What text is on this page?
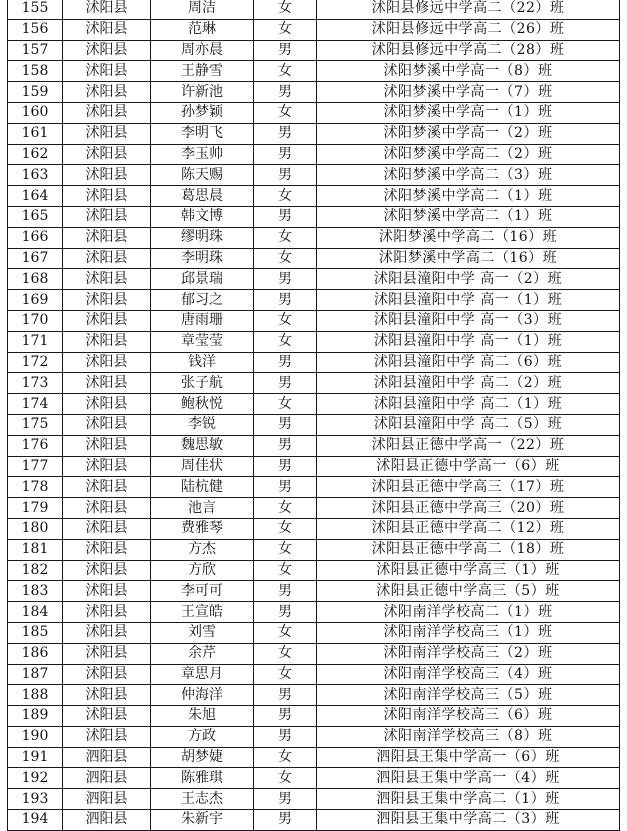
155	沭阳县	周洁	女	沭阳县修远中学高二（22）班
156	沭阳县	范琳	女	沭阳县修远中学高二（26）班
157	沭阳县	周亦晨	男	沭阳县修远中学高二（28）班
158	沭阳县	王静雪	女	沭阳梦溪中学高一（8）班
159	沭阳县	许新池	男	沭阳梦溪中学高一（7）班
160	沭阳县	孙梦颖	女	沭阳梦溪中学高一（1）班
161	沭阳县	李明飞	男	沭阳梦溪中学高一（2）班
162	沭阳县	李玉帅	男	沭阳梦溪中学高二（2）班
163	沭阳县	陈天赐	男	沭阳梦溪中学高二（3）班
164	沭阳县	葛思晨	女	沭阳梦溪中学高二（1）班
165	沭阳县	韩文博	男	沭阳梦溪中学高二（1）班
166	沭阳县	缪明珠	女	沭阳梦溪中学高二（16）班
167	沭阳县	李明珠	女	沭阳梦溪中学高二（16）班
168	沭阳县	邱景瑞	男	沭阳县潼阳中学 高一（2）班
169	沭阳县	郁习之	男	沭阳县潼阳中学 高一（1）班
170	沭阳县	唐雨珊	女	沭阳县潼阳中学 高一（3）班
171	沭阳县	章莹莹	女	沭阳县潼阳中学 高一（1）班
172	沭阳县	钱洋	男	沭阳县潼阳中学 高二（6）班
173	沭阳县	张子航	男	沭阳县潼阳中学 高二（2）班
174	沭阳县	鲍秋悦	女	沭阳县潼阳中学 高二（1）班
175	沭阳县	李锐	男	沭阳县潼阳中学 高二（5）班
176	沭阳县	魏思敏	男	沭阳县正德中学高一（22）班
177	沭阳县	周佳状	男	沭阳县正德中学高一（6）班
178	沭阳县	陆杭健	男	沭阳县正德中学高三（17）班
179	沭阳县	池言	女	沭阳县正德中学高三（20）班
180	沭阳县	费雅琴	女	沭阳县正德中学高二（12）班
181	沭阳县	方杰	女	沭阳县正德中学高二（18）班
182	沭阳县	方欣	女	沭阳县正德中学高三（1）班
183	沭阳县	李可可	男	沭阳县正德中学高三（5）班
184	沭阳县	王宣皓	男	沭阳南洋学校高二（1）班
185	沭阳县	刘雪	女	沭阳南洋学校高三（1）班
186	沭阳县	余芹	女	沭阳南洋学校高三（2）班
187	沭阳县	章思月	女	沭阳南洋学校高三（4）班
188	沭阳县	仲海洋	男	沭阳南洋学校高三（5）班
189	沭阳县	朱旭	男	沭阳南洋学校高三（6）班
190	沭阳县	方政	男	沭阳南洋学校高三（8）班
191	泗阳县	胡梦婕	女	泗阳县王集中学高一（6）班
192	泗阳县	陈雅琪	女	泗阳县王集中学高一（4）班
193	泗阳县	王志杰	男	泗阳县王集中学高二（1）班
194	泗阳县	朱新宇	男	泗阳县王集中学高二（3）班
